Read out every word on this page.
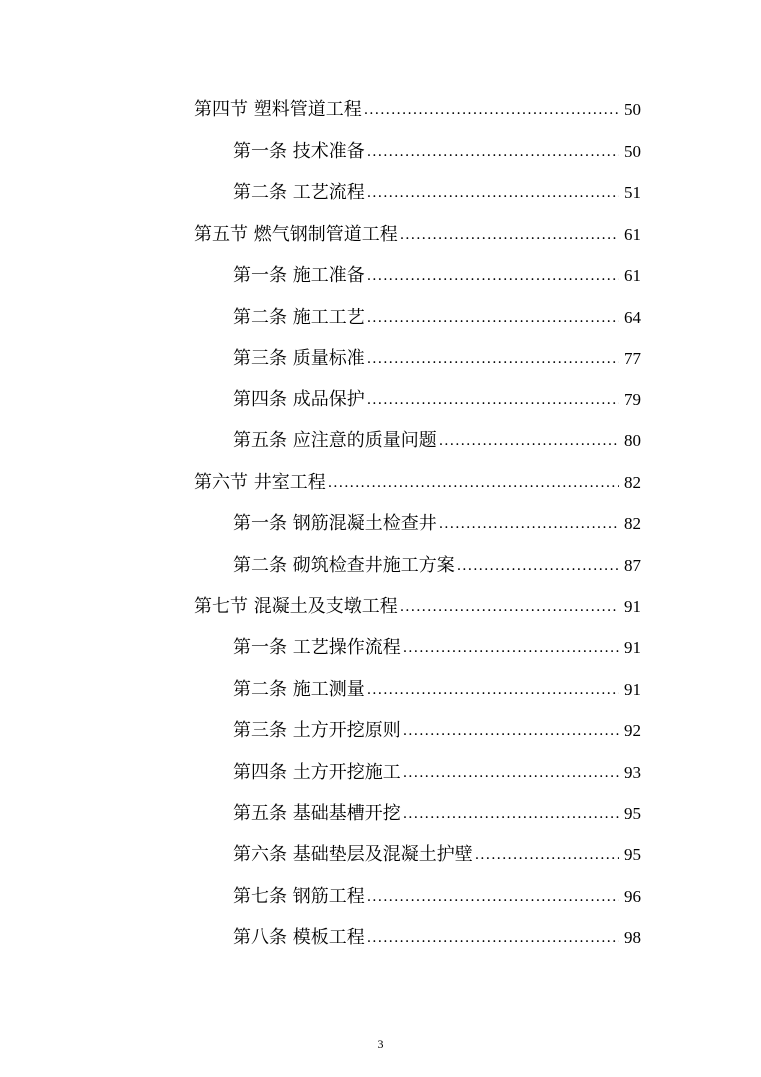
第四节 塑料管道工程 .....	50
第一条 技术准备 .....	50
第二条 工艺流程 .....	51
第五节 燃气钢制管道工程 .....	61
第一条 施工准备 .....	61
第二条 施工工艺 .....	64
第三条 质量标准 .....	77
第四条 成品保护 .....	79
第五条 应注意的质量问题 .....	80
第六节 井室工程 .....	82
第一条 钢筋混凝土检查井 .....	82
第二条 砌筑检查井施工方案 .....	87
第七节 混凝土及支墩工程 .....	91
第一条 工艺操作流程 .....	91
第二条 施工测量 .....	91
第三条 土方开挖原则 .....	92
第四条 土方开挖施工 .....	93
第五条 基础基槽开挖 .....	95
第六条 基础垫层及混凝土护壁 .....	95
第七条 钢筋工程 .....	96
第八条 模板工程 .....	98
3
